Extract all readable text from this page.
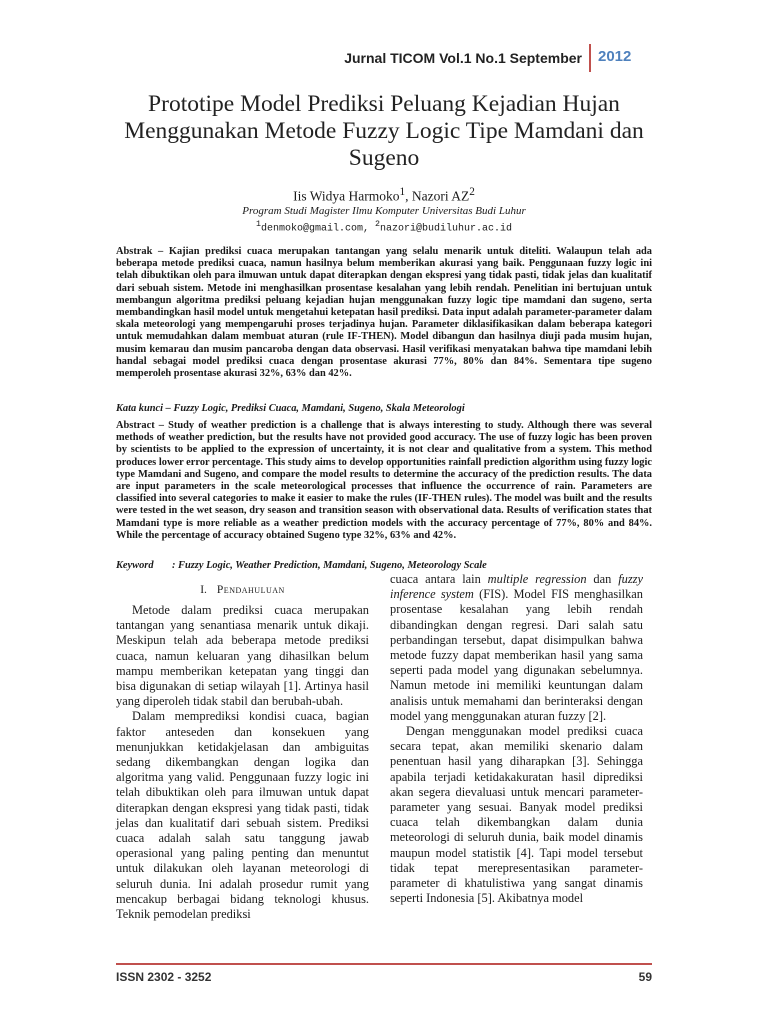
Jurnal TICOM Vol.1 No.1 September 2012
Prototipe Model Prediksi Peluang Kejadian Hujan Menggunakan Metode Fuzzy Logic Tipe Mamdani dan Sugeno
Iis Widya Harmoko$^1$, Nazori $AZ^2$
Program Studi Magister Ilmu Komputer Universitas Budi Luhur
$^1$denmoko@gmail.com, $^2$nazori@budiluhur.ac.id

Abstrak – Kajian prediksi cuaca merupakan tantangan yang selalu menarik untuk diteliti. Walaupun telah ada beberapa metode prediksi cuaca, namun hasilnya belum memberikan akurasi yang baik. Penggunaan fuzzy logic ini telah dibuktikan oleh para ilmuwan untuk dapat diterapkan dengan ekspresi yang tidak pasti, tidak jelas dan kualitatif dari sebuah sistem. Metode ini menghasilkan prosentase kesalahan yang lebih rendah. Penelitian ini bertujuan untuk membangun algoritma prediksi peluang kejadian hujan menggunakan fuzzy logic tipe mamdani dan sugeno, serta membandingkan hasil model untuk mengetahui ketepatan hasil prediksi. Data input adalah parameter-parameter dalam skala meteorologi yang mempengaruhi proses terjadinya hujan. Parameter diklasifikasikan dalam beberapa kategori untuk memudahkan dalam membuat aturan (rule IF-THEN). Model dibangun dan hasilnya diuji pada musim hujan, musim kemarau dan musim pancaroba dengan data observasi. Hasil verifikasi menyatakan bahwa tipe mamdani lebih handal sebagai model prediksi cuaca dengan prosentase akurasi 77%, 80% dan 84%. Sementara tipe sugeno memperoleh prosentase akurasi 32%, 63% dan 42%.

Kata kunci – Fuzzy Logic, Prediksi Cuaca, Mamdani, Sugeno, Skala Meteorologi

Abstract – Study of weather prediction is a challenge that is always interesting to study. Although there was several methods of weather prediction, but the results have not provided good accuracy. The use of fuzzy logic has been proven by scientists to be applied to the expression of uncertainty, it is not clear and qualitative from a system. This method produces lower error percentage. This study aims to develop opportunities rainfall prediction algorithm using fuzzy logic type Mamdani and Sugeno, and compare the model results to determine the accuracy of the prediction results. The data are input parameters in the scale meteorological processes that influence the occurrence of rain. Parameters are classified into several categories to make it easier to make the rules (IF-THEN rules). The model was built and the results were tested in the wet season, dry season and transition season with observational data. Results of verification states that Mamdani type is more reliable as a weather prediction models with the accuracy percentage of 77%, 80% and 84%. While the percentage of accuracy obtained Sugeno type 32%, 63% and 42%.

Keyword : Fuzzy Logic, Weather Prediction, Mamdani, Sugeno, Meteorology Scale

I. Pendahuluan

Metode dalam prediksi cuaca merupakan tantangan yang senantiasa menarik untuk dikaji. Meskipun telah ada beberapa metode prediksi cuaca, namun keluaran yang dihasilkan belum mampu memberikan ketepatan yang tinggi dan bisa digunakan di setiap wilayah [1]. Artinya hasil yang diperoleh tidak stabil dan berubah-ubah.

Dalam memprediksi kondisi cuaca, bagian faktor anteseden dan konsekuen yang menunjukkan ketidakjelasan dan ambiguitas sedang dikembangkan dengan logika dan algoritma yang valid. Penggunaan fuzzy logic ini telah dibuktikan oleh para ilmuwan untuk dapat diterapkan dengan ekspresi yang tidak pasti, tidak jelas dan kualitatif dari sebuah sistem. Prediksi cuaca adalah salah satu tanggung jawab operasional yang paling penting dan menuntut untuk dilakukan oleh layanan meteorologi di seluruh dunia. Ini adalah prosedur rumit yang mencakup berbagai bidang teknologi khusus. Teknik pemodelan prediksi

cuaca antara lain multiple regression dan fuzzy inference system (FIS). Model FIS menghasilkan prosentase kesalahan yang lebih rendah dibandingkan dengan regresi. Dari salah satu perbandingan tersebut, dapat disimpulkan bahwa metode fuzzy dapat memberikan hasil yang sama seperti pada model yang digunakan sebelumnya. Namun metode ini memiliki keuntungan dalam analisis untuk memahami dan berinteraksi dengan model yang menggunakan aturan fuzzy [2].

Dengan menggunakan model prediksi cuaca secara tepat, akan memiliki skenario dalam penentuan hasil yang diharapkan [3]. Sehingga apabila terjadi ketidakakuratan hasil diprediksi akan segera dievaluasi untuk mencari parameter-parameter yang sesuai. Banyak model prediksi cuaca telah dikembangkan dalam dunia meteorologi di seluruh dunia, baik model dinamis maupun model statistik [4]. Tapi model tersebut tidak tepat merepresentasikan parameter-parameter di khatulistiwa yang sangat dinamis seperti Indonesia [5]. Akibatnya model

ISSN 2302 - 3252	59
